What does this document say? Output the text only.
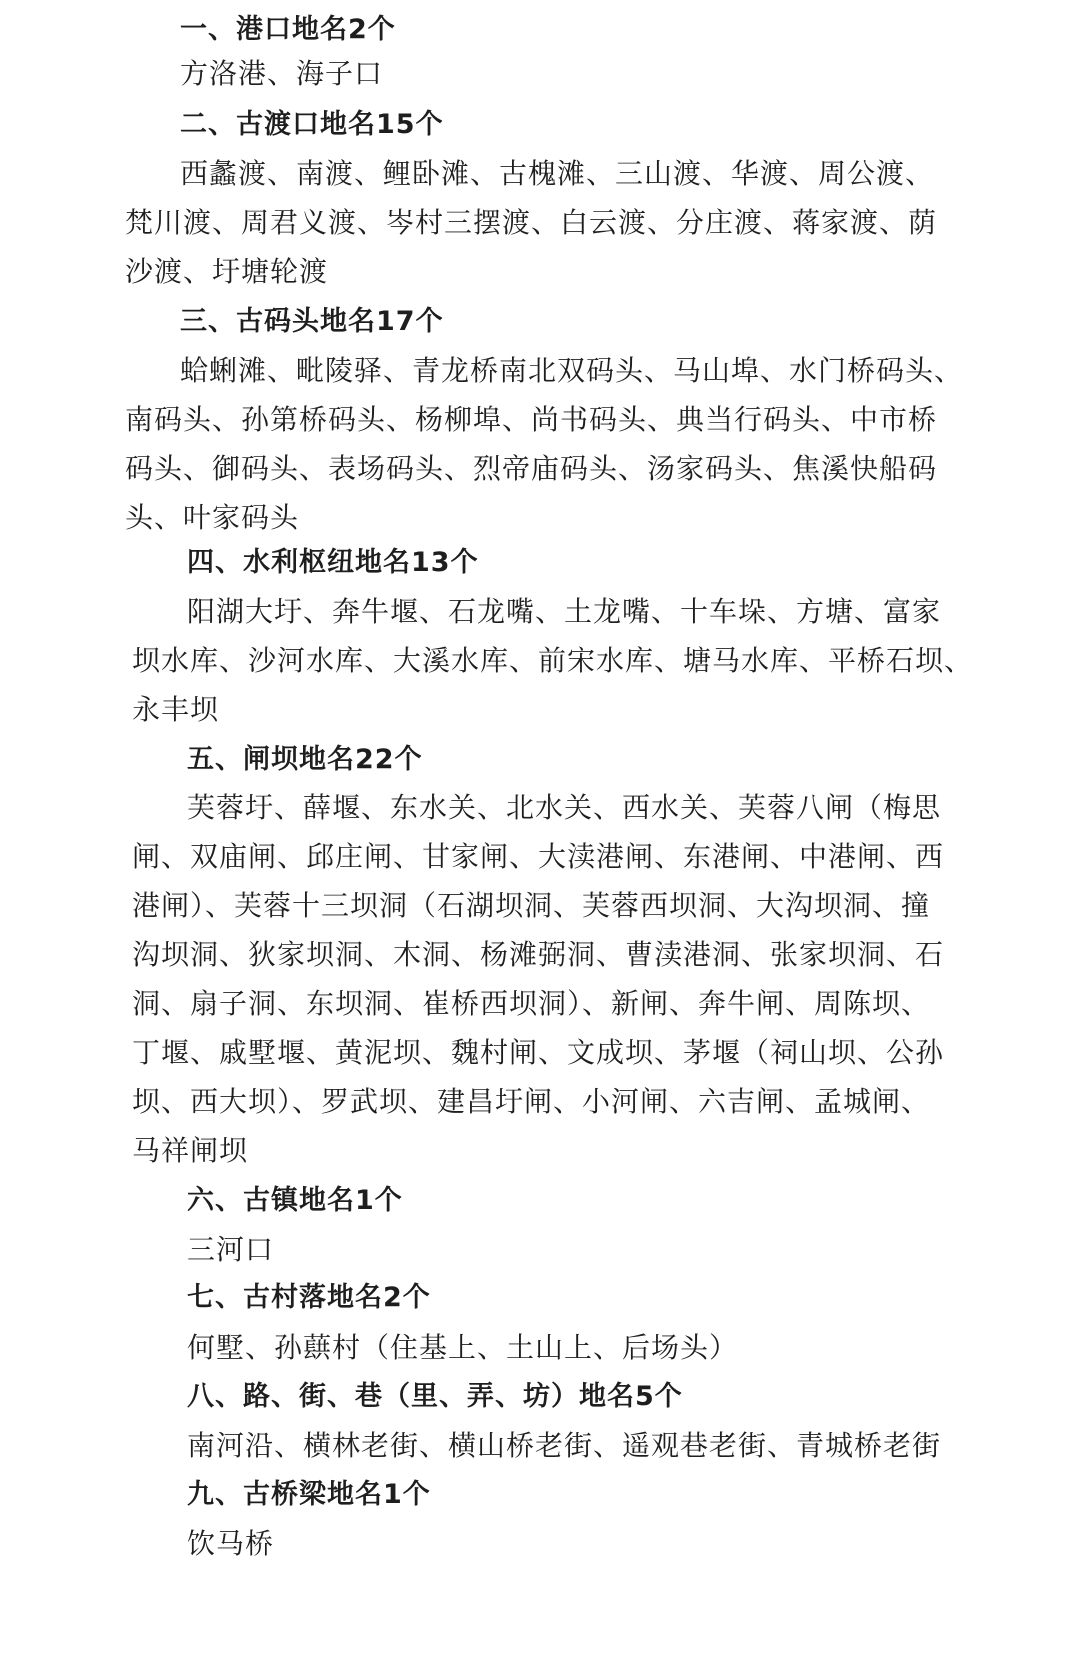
一、港口地名2个
方洛港、海子口
二、古渡口地名15个
西蠡渡、南渡、鲤卧滩、古槐滩、三山渡、华渡、周公渡、
梵川渡、周君义渡、岑村三摆渡、白云渡、分庄渡、蒋家渡、荫
沙渡、圩塘轮渡
三、古码头地名17个
蛤蜊滩、毗陵驿、青龙桥南北双码头、马山埠、水门桥码头、
南码头、孙第桥码头、杨柳埠、尚书码头、典当行码头、中市桥
码头、御码头、表场码头、烈帝庙码头、汤家码头、焦溪快船码
头、叶家码头
四、水利枢纽地名13个
阳湖大圩、奔牛堰、石龙嘴、土龙嘴、十车垛、方塘、富家
坝水库、沙河水库、大溪水库、前宋水库、塘马水库、平桥石坝、
永丰坝
五、闸坝地名22个
芙蓉圩、薛堰、东水关、北水关、西水关、芙蓉八闸（梅思
闸、双庙闸、邱庄闸、甘家闸、大渎港闸、东港闸、中港闸、西
港闸）、芙蓉十三坝洞（石湖坝洞、芙蓉西坝洞、大沟坝洞、撞
沟坝洞、狄家坝洞、木洞、杨滩弼洞、曹渎港洞、张家坝洞、石
洞、扇子洞、东坝洞、崔桥西坝洞）、新闸、奔牛闸、周陈坝、
丁堰、戚墅堰、黄泥坝、魏村闸、文成坝、茅堰（祠山坝、公孙
坝、西大坝）、罗武坝、建昌圩闸、小河闸、六吉闸、孟城闸、
马祥闸坝
六、古镇地名1个
三河口
七、古村落地名2个
何墅、孙蕻村（住基上、土山上、后场头）
八、路、街、巷（里、弄、坊）地名5个
南河沿、横林老街、横山桥老街、遥观巷老街、青城桥老街
九、古桥梁地名1个
饮马桥
